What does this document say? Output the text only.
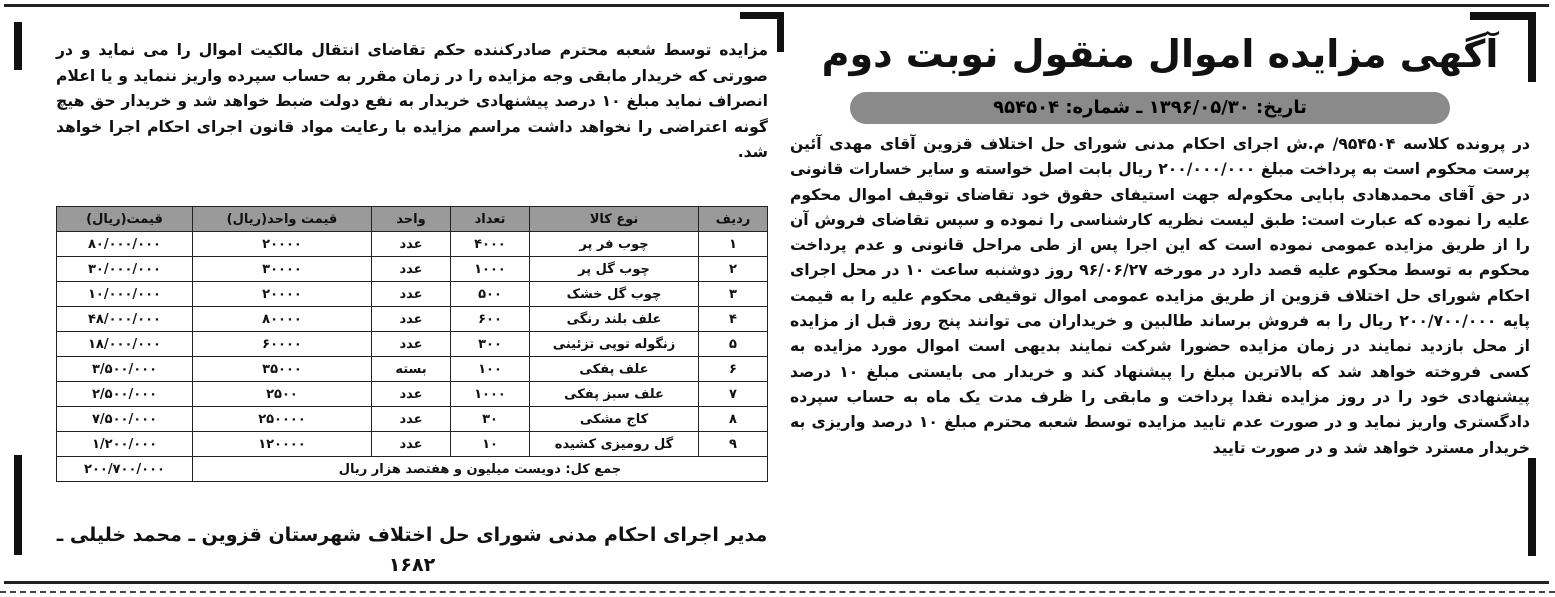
آگهی مزایده اموال منقول نوبت دوم
تاریخ: ۱۳۹۶/۰۵/۳۰ ـ شماره: ۹۵۴۵۰۴

در پرونده کلاسه ۹۵۴۵۰۴/ م.ش اجرای احکام مدنی شورای حل اختلاف قزوین آقای مهدی آئین پرست محکوم است به پرداخت مبلغ ۲۰۰/۰۰۰/۰۰۰ ریال بابت اصل خواسته و سایر خسارات قانونی در حق آقای محمدهادی بابایی محکوم‌له جهت استیفای حقوق خود تقاضای توقیف اموال محکوم علیه را نموده که عبارت است: طبق لیست نظریه کارشناسی را نموده و سپس تقاضای فروش آن را از طریق مزایده عمومی نموده است که این اجرا پس از طی مراحل قانونی و عدم پرداخت محکوم به توسط محکوم علیه قصد دارد در مورخه ۹۶/۰۶/۲۷ روز دوشنبه ساعت ۱۰ در محل اجرای احکام شورای حل اختلاف قزوین از طریق مزایده عمومی اموال توقیفی محکوم علیه را به قیمت پایه ۲۰۰/۷۰۰/۰۰۰ ریال را به فروش برساند طالبین و خریداران می توانند پنج روز قبل از مزایده از محل بازدید نمایند در زمان مزایده حضورا شرکت نمایند بدیهی است اموال مورد مزایده به کسی فروخته خواهد شد که بالاترین مبلغ را پیشنهاد کند و خریدار می بایستی مبلغ ۱۰ درصد پیشنهادی خود را در روز مزایده نقدا پرداخت و مابقی را ظرف مدت یک ماه به حساب سپرده دادگستری واریز نماید و در صورت عدم تایید مزایده توسط شعبه محترم مبلغ ۱۰ درصد واریزی به خریدار مسترد خواهد شد و در صورت تایید

مزایده توسط شعبه محترم صادرکننده حکم تقاضای انتقال مالکیت اموال را می نماید و در صورتی که خریدار مابقی وجه مزایده را در زمان مقرر به حساب سپرده واریز ننماید و یا اعلام انصراف نماید مبلغ ۱۰ درصد پیشنهادی خریدار به نفع دولت ضبط خواهد شد و خریدار حق هیچ گونه اعتراضی را نخواهد داشت مراسم مزایده با رعایت مواد قانون اجرای احکام اجرا خواهد شد.

ردیف	نوع کالا	تعداد	واحد	قیمت واحد(ریال)	قیمت(ریال)
۱	چوب فر پر	۴۰۰۰	عدد	۲۰۰۰۰	۸۰/۰۰۰/۰۰۰
۲	چوب گل پر	۱۰۰۰	عدد	۳۰۰۰۰	۳۰/۰۰۰/۰۰۰
۳	چوب گل خشک	۵۰۰	عدد	۲۰۰۰۰	۱۰/۰۰۰/۰۰۰
۴	علف بلند رنگی	۶۰۰	عدد	۸۰۰۰۰	۴۸/۰۰۰/۰۰۰
۵	زنگوله توپی تزئینی	۳۰۰	عدد	۶۰۰۰۰	۱۸/۰۰۰/۰۰۰
۶	علف پفکی	۱۰۰	بسته	۳۵۰۰۰	۳/۵۰۰/۰۰۰
۷	علف سبز پفکی	۱۰۰۰	عدد	۲۵۰۰	۲/۵۰۰/۰۰۰
۸	کاج مشکی	۳۰	عدد	۲۵۰۰۰۰	۷/۵۰۰/۰۰۰
۹	گل رومیزی کشیده	۱۰	عدد	۱۲۰۰۰۰	۱/۲۰۰/۰۰۰
جمع کل: دویست میلیون و هفتصد هزار ریال					۲۰۰/۷۰۰/۰۰۰
مدیر اجرای احکام مدنی شورای حل اختلاف شهرستان قزوین ـ محمد خلیلی ـ ۱۶۸۲
